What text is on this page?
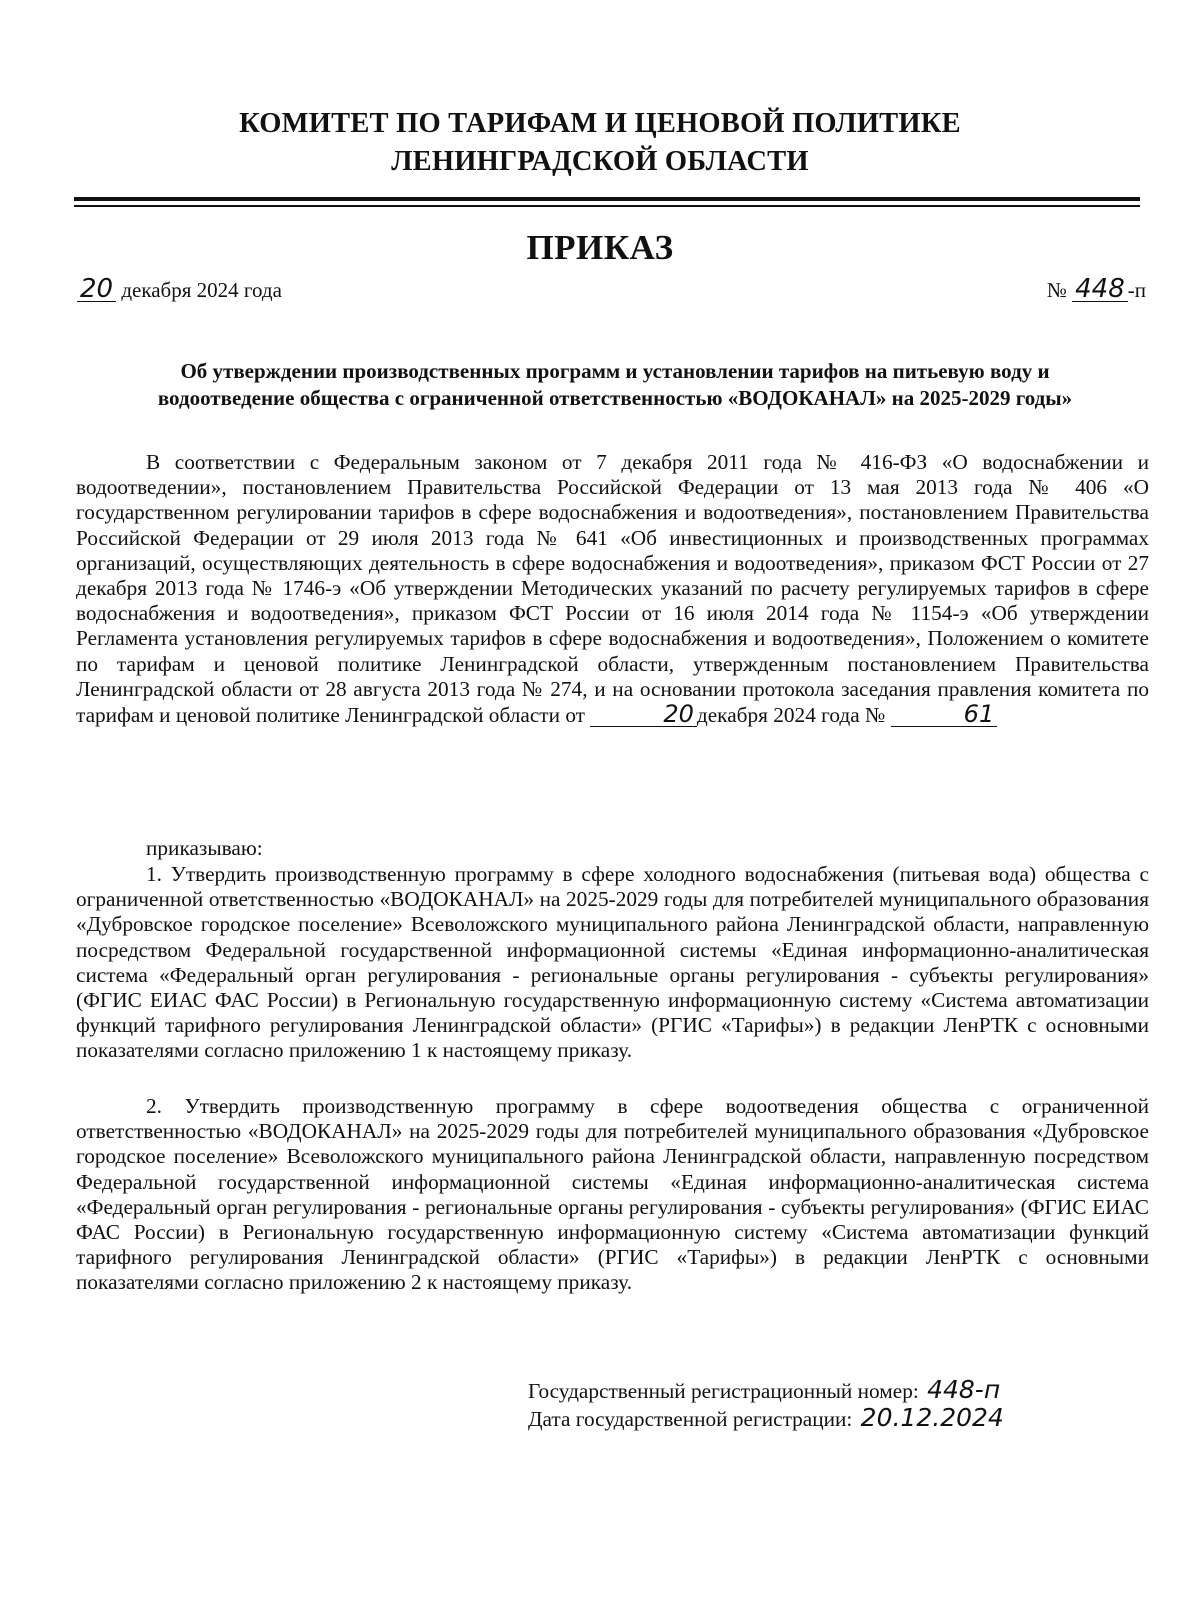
КОМИТЕТ ПО ТАРИФАМ И ЦЕНОВОЙ ПОЛИТИКЕ
ЛЕНИНГРАДСКОЙ ОБЛАСТИ
ПРИКАЗ
20 декабря 2024 года	№ 448 -п
Об утверждении производственных программ и установлении тарифов на питьевую воду и
водоотведение общества с ограниченной ответственностью «ВОДОКАНАЛ» на 2025-2029 годы»
В соответствии с Федеральным законом от 7 декабря 2011 года № 416-ФЗ «О водоснабжении и водоотведении», постановлением Правительства Российской Федерации от 13 мая 2013 года № 406 «О государственном регулировании тарифов в сфере водоснабжения и водоотведения», постановлением Правительства Российской Федерации от 29 июля 2013 года № 641 «Об инвестиционных и производственных программах организаций, осуществляющих деятельность в сфере водоснабжения и водоотведения», приказом ФСТ России от 27 декабря 2013 года № 1746-э «Об утверждении Методических указаний по расчету регулируемых тарифов в сфере водоснабжения и водоотведения», приказом ФСТ России от 16 июля 2014 года № 1154-э «Об утверждении Регламента установления регулируемых тарифов в сфере водоснабжения и водоотведения», Положением о комитете по тарифам и ценовой политике Ленинградской области, утвержденным постановлением Правительства Ленинградской области от 28 августа 2013 года № 274, и на основании протокола заседания правления комитета по тарифам и ценовой политике Ленинградской области от	20 декабря 2024 года №	61
приказываю:
1. Утвердить производственную программу в сфере холодного водоснабжения (питьевая вода) общества с ограниченной ответственностью «ВОДОКАНАЛ» на 2025-2029 годы для потребителей муниципального образования «Дубровское городское поселение» Всеволожского муниципального района Ленинградской области, направленную посредством Федеральной государственной информационной системы «Единая информационно-аналитическая система «Федеральный орган регулирования - региональные органы регулирования - субъекты регулирования» (ФГИС ЕИАС ФАС России) в Региональную государственную информационную систему «Система автоматизации функций тарифного регулирования Ленинградской области» (РГИС «Тарифы») в редакции ЛенРТК с основными показателями согласно приложению 1 к настоящему приказу.
2. Утвердить производственную программу в сфере водоотведения общества с ограниченной ответственностью «ВОДОКАНАЛ» на 2025-2029 годы для потребителей муниципального образования «Дубровское городское поселение» Всеволожского муниципального района Ленинградской области, направленную посредством Федеральной государственной информационной системы «Единая информационно-аналитическая система «Федеральный орган регулирования - региональные органы регулирования - субъекты регулирования» (ФГИС ЕИАС ФАС России) в Региональную государственную информационную систему «Система автоматизации функций тарифного регулирования Ленинградской области» (РГИС «Тарифы») в редакции ЛенРТК с основными показателями согласно приложению 2 к настоящему приказу.
Государственный регистрационный номер: 448-п
Дата государственной регистрации: 20.12.2024
